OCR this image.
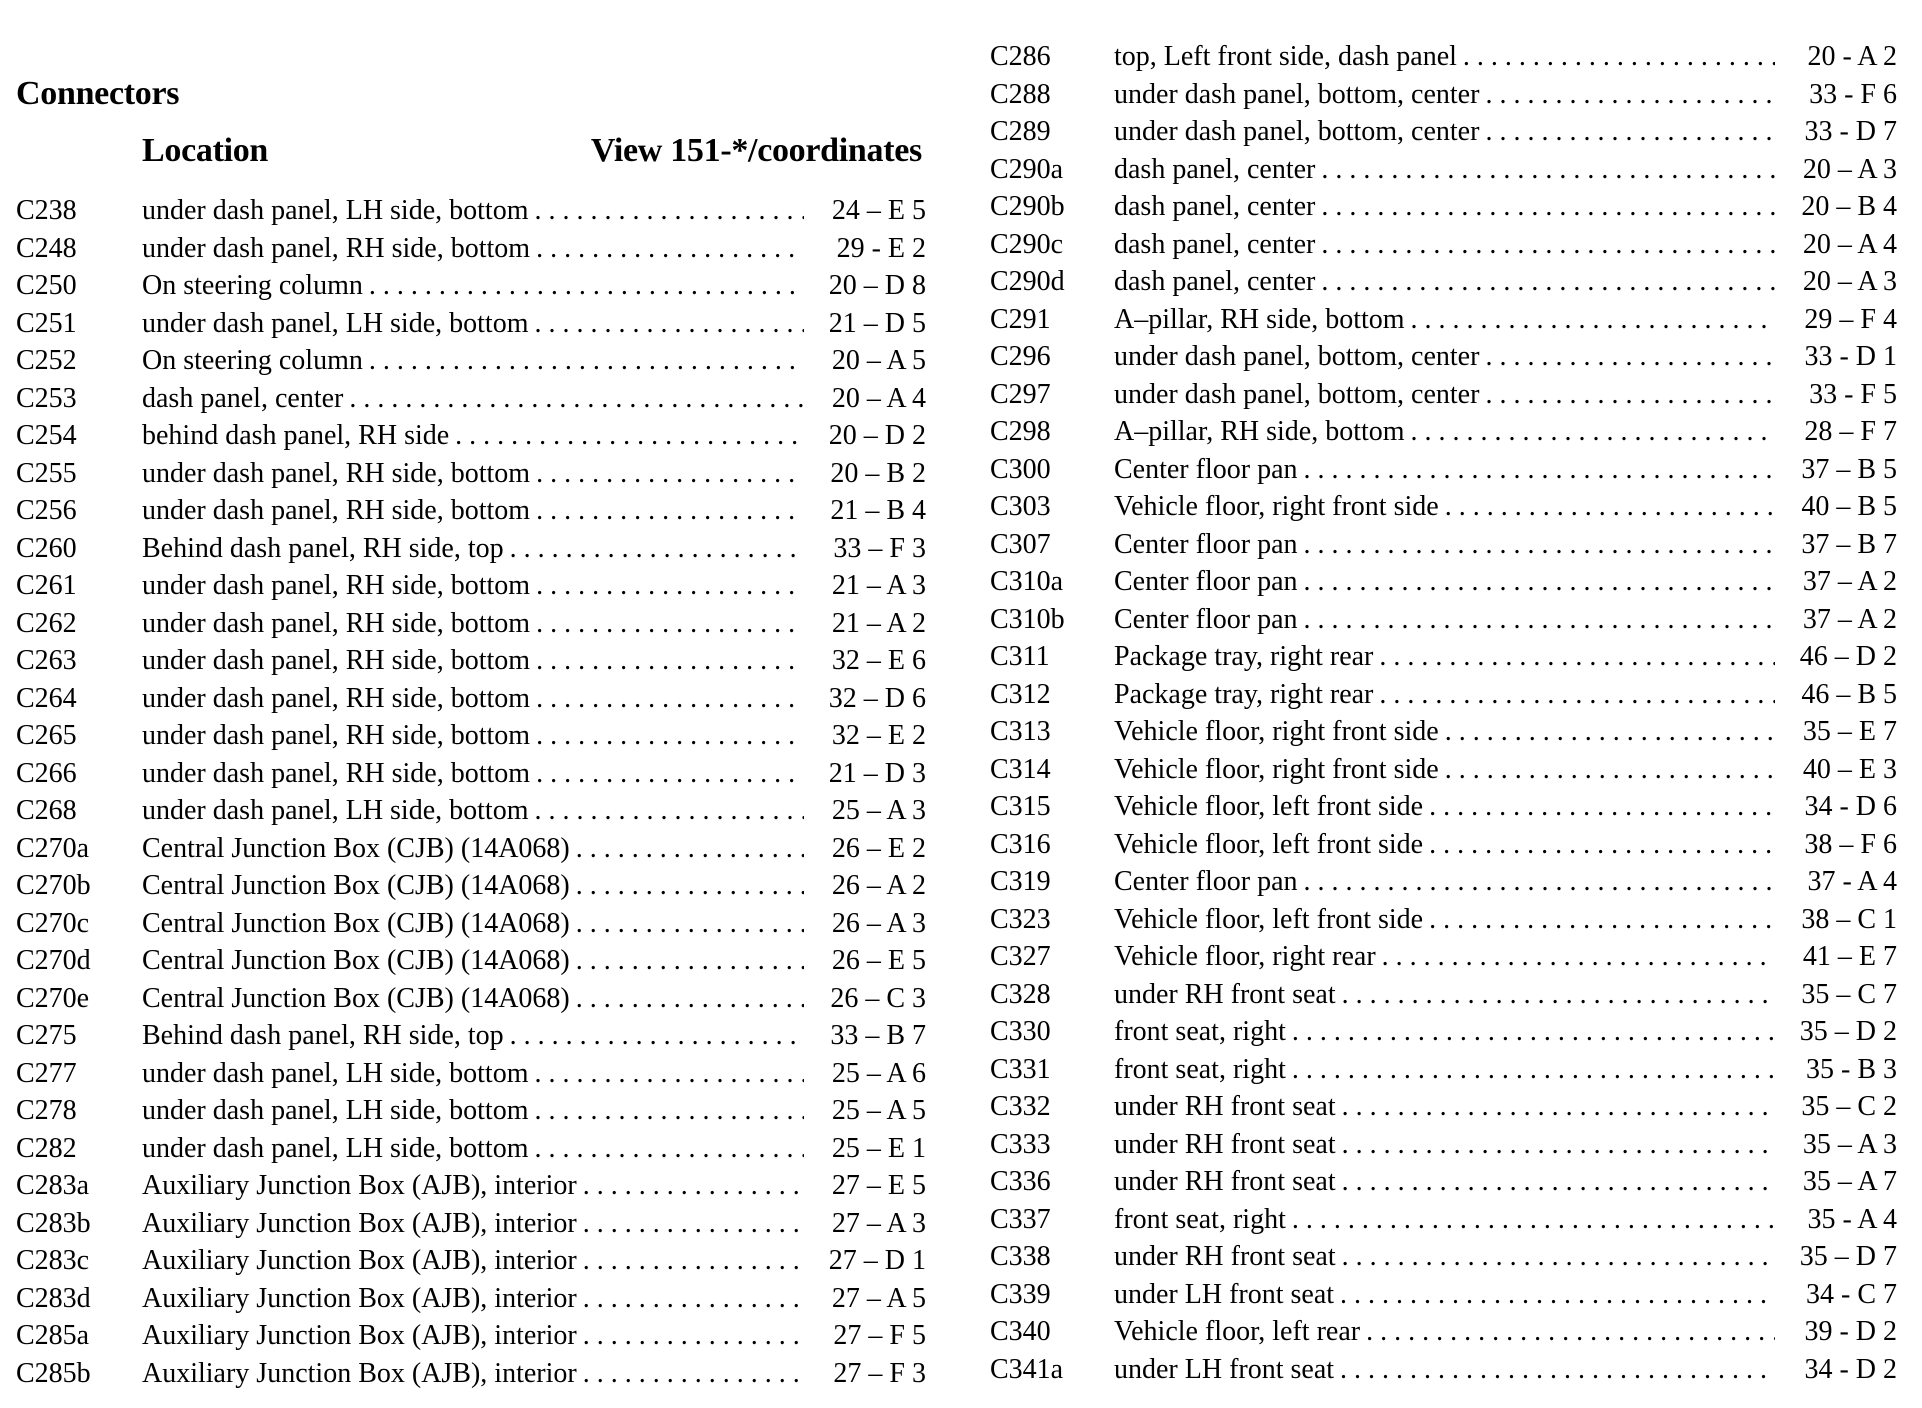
Connectors
Location	View 151-*/coordinates
C238	under dash panel, LH side, bottom . . .	24 – E 5
C248	under dash panel, RH side, bottom . . .	29 - E 2
C250	On steering column . . .	20 – D 8
C251	under dash panel, LH side, bottom . . .	21 – D 5
C252	On steering column . . .	20 – A 5
C253	dash panel, center . . .	20 – A 4
C254	behind dash panel, RH side . . .	20 – D 2
C255	under dash panel, RH side, bottom . . .	20 – B 2
C256	under dash panel, RH side, bottom . . .	21 – B 4
C260	Behind dash panel, RH side, top . . .	33 – F 3
C261	under dash panel, RH side, bottom . . .	21 – A 3
C262	under dash panel, RH side, bottom . . .	21 – A 2
C263	under dash panel, RH side, bottom . . .	32 – E 6
C264	under dash panel, RH side, bottom . . .	32 – D 6
C265	under dash panel, RH side, bottom . . .	32 – E 2
C266	under dash panel, RH side, bottom . . .	21 – D 3
C268	under dash panel, LH side, bottom . . .	25 – A 3
C270a	Central Junction Box (CJB) (14A068) . . .	26 – E 2
C270b	Central Junction Box (CJB) (14A068) . . .	26 – A 2
C270c	Central Junction Box (CJB) (14A068) . . .	26 – A 3
C270d	Central Junction Box (CJB) (14A068) . . .	26 – E 5
C270e	Central Junction Box (CJB) (14A068) . . .	26 – C 3
C275	Behind dash panel, RH side, top . . .	33 – B 7
C277	under dash panel, LH side, bottom . . .	25 – A 6
C278	under dash panel, LH side, bottom . . .	25 – A 5
C282	under dash panel, LH side, bottom . . .	25 – E 1
C283a	Auxiliary Junction Box (AJB), interior . . .	27 – E 5
C283b	Auxiliary Junction Box (AJB), interior . . .	27 – A 3
C283c	Auxiliary Junction Box (AJB), interior . . .	27 – D 1
C283d	Auxiliary Junction Box (AJB), interior . . .	27 – A 5
C285a	Auxiliary Junction Box (AJB), interior . . .	27 – F 5
C285b	Auxiliary Junction Box (AJB), interior . . .	27 – F 3
C286	top, Left front side, dash panel . . .	20 - A 2
C288	under dash panel, bottom, center . . .	33 - F 6
C289	under dash panel, bottom, center . . .	33 - D 7
C290a	dash panel, center . . .	20 – A 3
C290b	dash panel, center . . .	20 – B 4
C290c	dash panel, center . . .	20 – A 4
C290d	dash panel, center . . .	20 – A 3
C291	A–pillar, RH side, bottom . . .	29 – F 4
C296	under dash panel, bottom, center . . .	33 - D 1
C297	under dash panel, bottom, center . . .	33 - F 5
C298	A–pillar, RH side, bottom . . .	28 – F 7
C300	Center floor pan . . .	37 – B 5
C303	Vehicle floor, right front side . . .	40 – B 5
C307	Center floor pan . . .	37 – B 7
C310a	Center floor pan . . .	37 – A 2
C310b	Center floor pan . . .	37 – A 2
C311	Package tray, right rear . . .	46 – D 2
C312	Package tray, right rear . . .	46 – B 5
C313	Vehicle floor, right front side . . .	35 – E 7
C314	Vehicle floor, right front side . . .	40 – E 3
C315	Vehicle floor, left front side . . .	34 - D 6
C316	Vehicle floor, left front side . . .	38 – F 6
C319	Center floor pan . . .	37 - A 4
C323	Vehicle floor, left front side . . .	38 – C 1
C327	Vehicle floor, right rear . . .	41 – E 7
C328	under RH front seat . . .	35 – C 7
C330	front seat, right . . .	35 – D 2
C331	front seat, right . . .	35 - B 3
C332	under RH front seat . . .	35 – C 2
C333	under RH front seat . . .	35 – A 3
C336	under RH front seat . . .	35 – A 7
C337	front seat, right . . .	35 - A 4
C338	under RH front seat . . .	35 – D 7
C339	under LH front seat . . .	34 - C 7
C340	Vehicle floor, left rear . . .	39 - D 2
C341a	under LH front seat . . .	34 - D 2
